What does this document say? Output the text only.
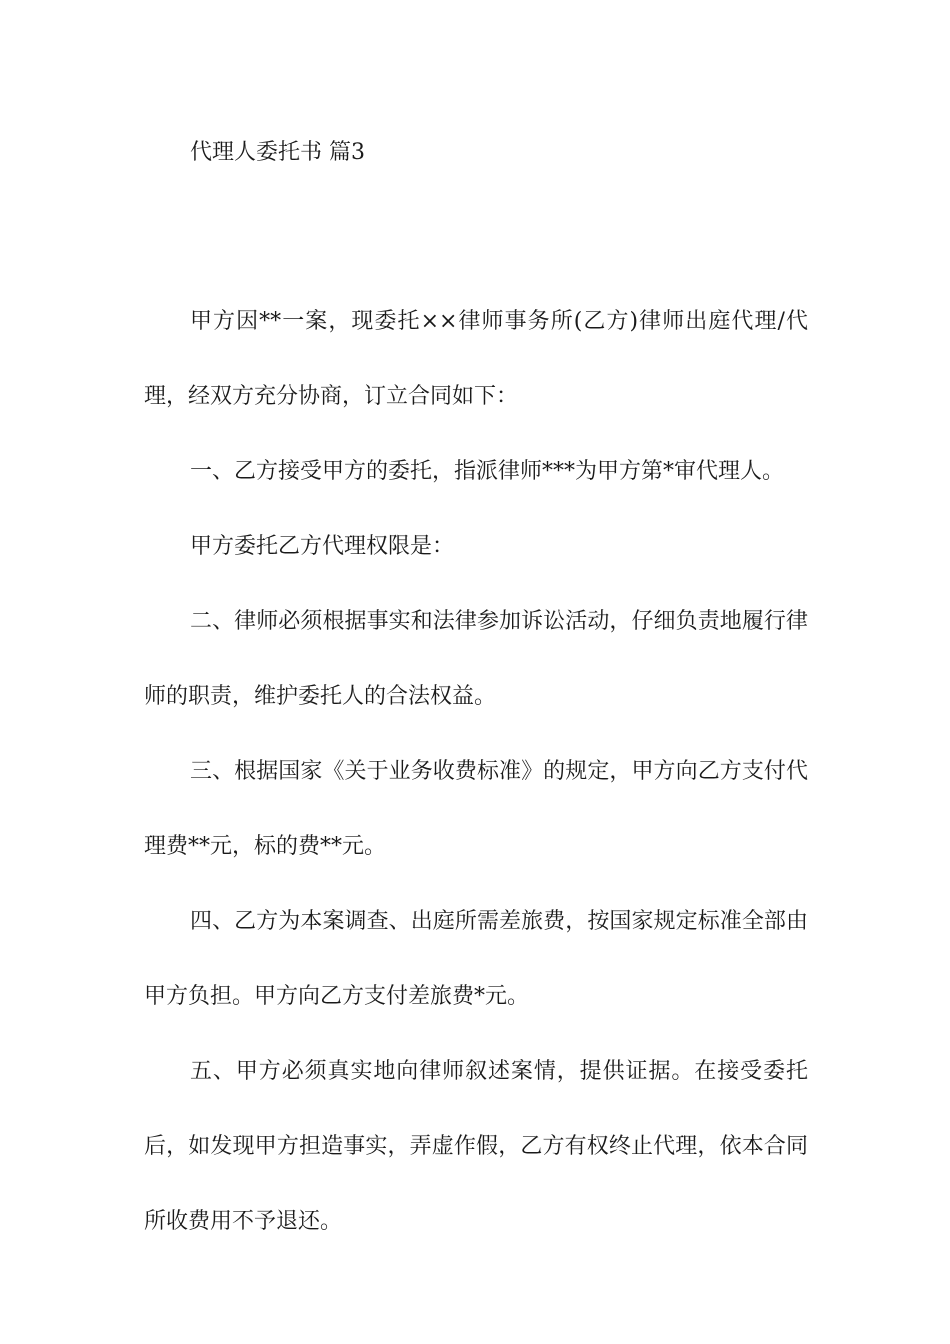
代理人委托书 篇3

甲方因**一案，现委托××律师事务所(乙方)律师出庭代理/代理，经双方充分协商，订立合同如下：

一、乙方接受甲方的委托，指派律师***为甲方第*审代理人。

甲方委托乙方代理权限是：

二、律师必须根据事实和法律参加诉讼活动，仔细负责地履行律师的职责，维护委托人的合法权益。

三、根据国家《关于业务收费标准》的规定，甲方向乙方支付代理费**元，标的费**元。

四、乙方为本案调查、出庭所需差旅费，按国家规定标准全部由甲方负担。甲方向乙方支付差旅费*元。

五、甲方必须真实地向律师叙述案情，提供证据。在接受委托后，如发现甲方担造事实，弄虚作假，乙方有权终止代理，依本合同所收费用不予退还。
